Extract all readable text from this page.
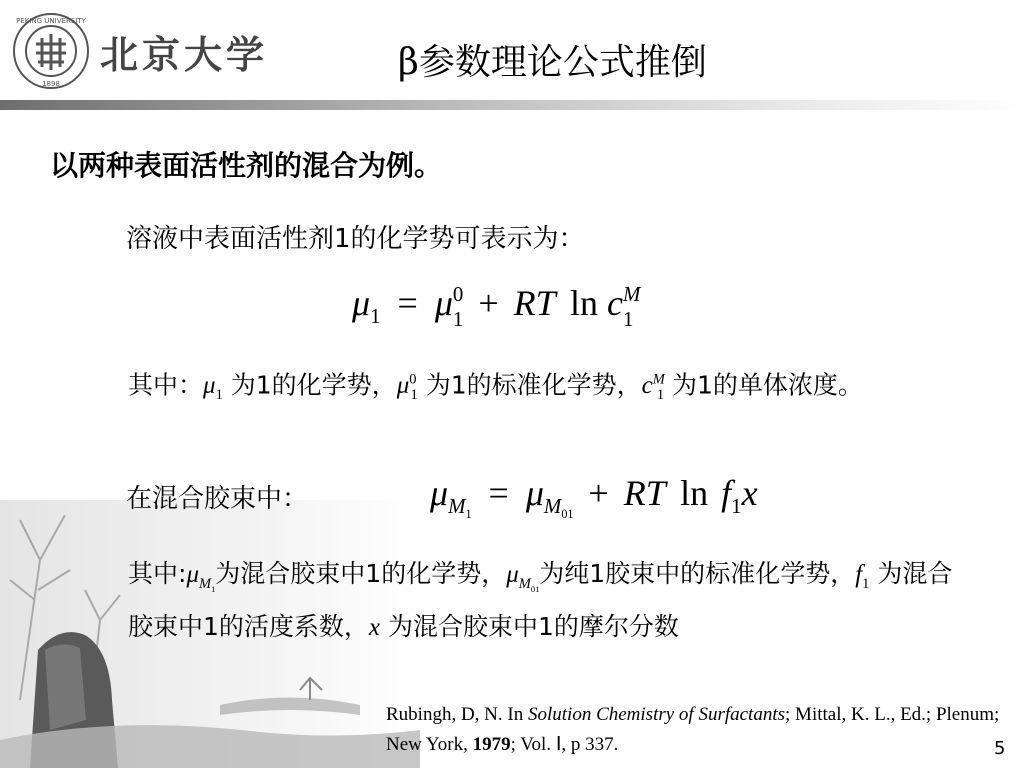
PEKING UNIVERSITY
1898
北京大学	β参数理论公式推倒
以两种表面活性剂的混合为例。
溶液中表面活性剂1的化学势可表示为：
$\mu_1 = \mu$ 0
1 + RT ln c M
1
其中：$\mu_1$ 为1的化学势，$\mu^0_1$ 为1的标准化学势，$c^M_1$ 为1的单体浓度。
在混合胶束中：	$\mu_{M_1} = \mu_{M_{01}}$ + RT $\ln f_1x$
其中$:\mu_{M_1}$为混合胶束中1的化学势，$\mu_{M_{01}}$为纯1胶束中的标准化学势，$f_1$ 为混合胶束中1的活度系数，x 为混合胶束中1的摩尔分数
Rubingh, D, N. In Solution Chemistry of Surfactants; Mittal, K. L., Ed.; Plenum; New York, 1979; Vol. Ⅰ, p 337.	5
